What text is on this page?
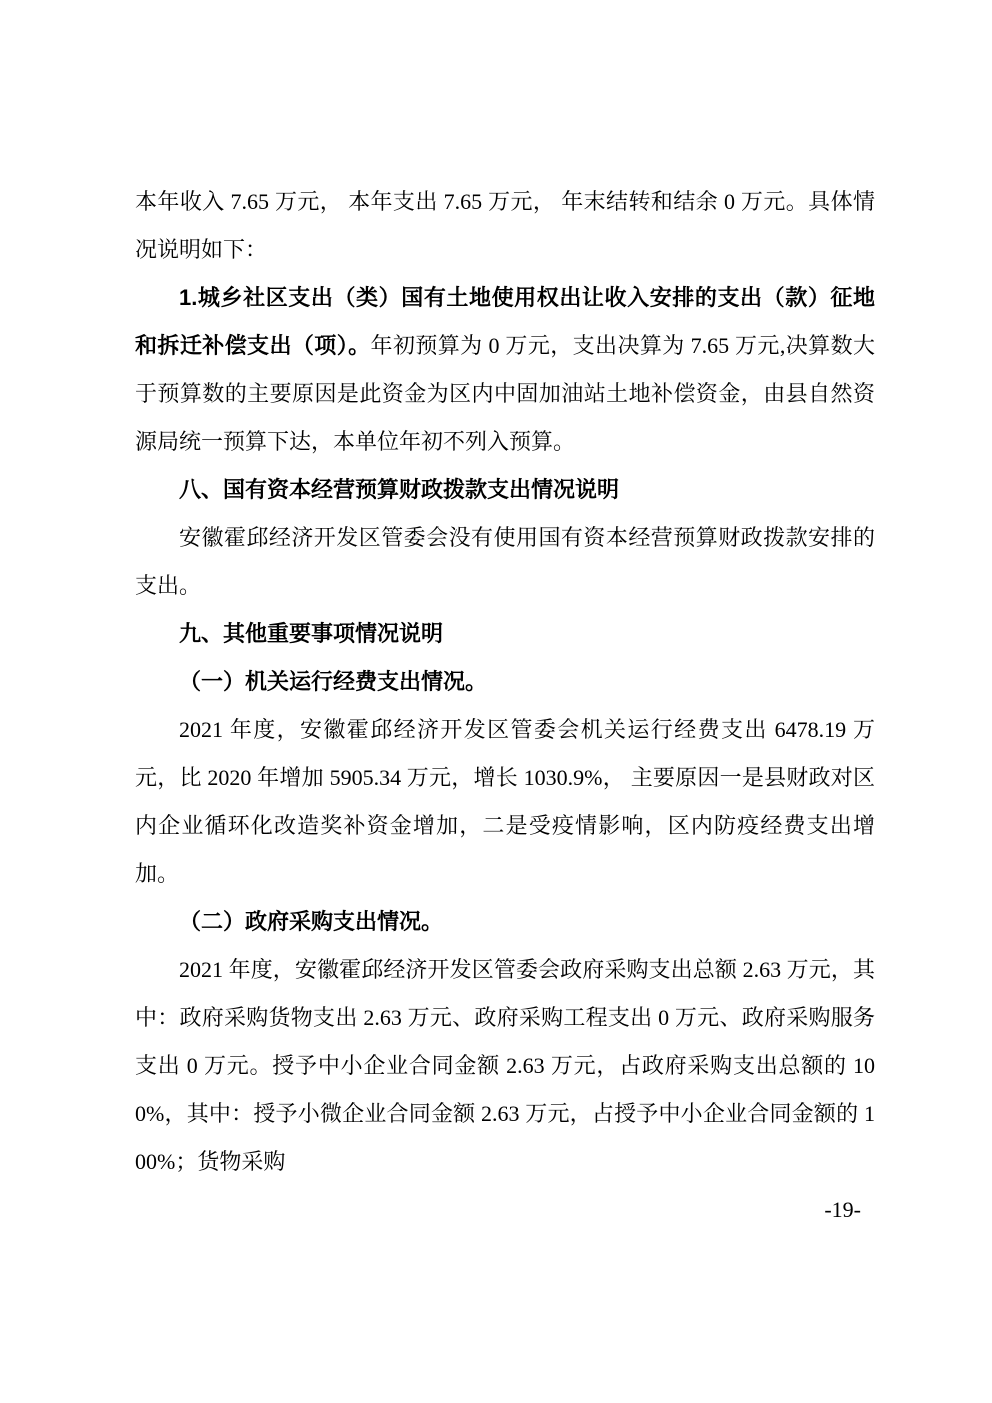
本年收入 7.65 万元， 本年支出 7.65 万元， 年末结转和结余 0 万元。具体情况说明如下：

1.城乡社区支出（类）国有土地使用权出让收入安排的支出（款）征地和拆迁补偿支出（项）。年初预算为 0 万元，支出决算为 7.65 万元,决算数大于预算数的主要原因是此资金为区内中固加油站土地补偿资金，由县自然资源局统一预算下达，本单位年初不列入预算。

八、国有资本经营预算财政拨款支出情况说明

安徽霍邱经济开发区管委会没有使用国有资本经营预算财政拨款安排的支出。

九、其他重要事项情况说明

（一）机关运行经费支出情况。

2021 年度，安徽霍邱经济开发区管委会机关运行经费支出 6478.19 万元，比 2020 年增加 5905.34 万元，增长 1030.9%， 主要原因一是县财政对区内企业循环化改造奖补资金增加，二是受疫情影响，区内防疫经费支出增加。

（二）政府采购支出情况。

2021 年度，安徽霍邱经济开发区管委会政府采购支出总额 2.63 万元，其中：政府采购货物支出 2.63 万元、政府采购工程支出 0 万元、政府采购服务支出 0 万元。授予中小企业合同金额 2.63 万元，占政府采购支出总额的 100%，其中：授予小微企业合同金额 2.63 万元，占授予中小企业合同金额的 100%；货物采购

-19-
